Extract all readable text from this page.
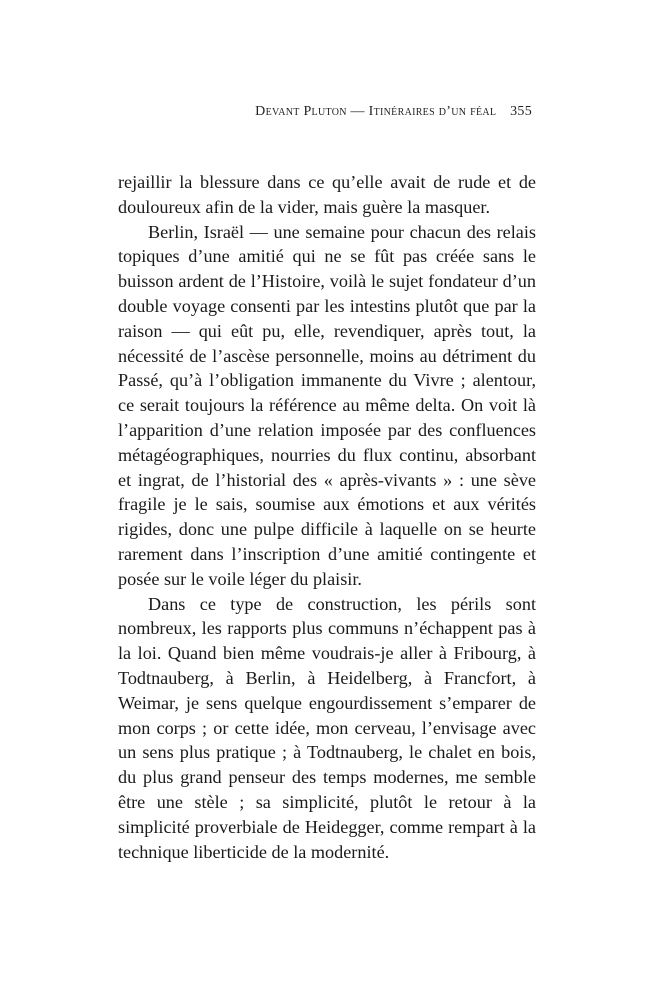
Devant Pluton — Itinéraires d’un féal 355

rejaillir la blessure dans ce qu’elle avait de rude et de douloureux afin de la vider, mais guère la masquer.

Berlin, Israël — une semaine pour chacun des relais topiques d’une amitié qui ne se fût pas créée sans le buisson ardent de l’Histoire, voilà le sujet fondateur d’un double voyage consenti par les intestins plutôt que par la raison — qui eût pu, elle, revendiquer, après tout, la nécessité de l’ascèse personnelle, moins au détriment du Passé, qu’à l’obligation immanente du Vivre ; alentour, ce serait toujours la référence au même delta. On voit là l’apparition d’une relation imposée par des confluences métagéographiques, nourries du flux continu, absorbant et ingrat, de l’historial des « après-vivants » : une sève fragile je le sais, soumise aux émotions et aux vérités rigides, donc une pulpe difficile à laquelle on se heurte rarement dans l’inscription d’une amitié contingente et posée sur le voile léger du plaisir.

Dans ce type de construction, les périls sont nombreux, les rapports plus communs n’échappent pas à la loi. Quand bien même voudrais-je aller à Fribourg, à Todtnauberg, à Berlin, à Heidelberg, à Francfort, à Weimar, je sens quelque engourdissement s’emparer de mon corps ; or cette idée, mon cerveau, l’envisage avec un sens plus pratique ; à Todtnauberg, le chalet en bois, du plus grand penseur des temps modernes, me semble être une stèle ; sa simplicité, plutôt le retour à la simplicité proverbiale de Heidegger, comme rempart à la technique liberticide de la modernité.
